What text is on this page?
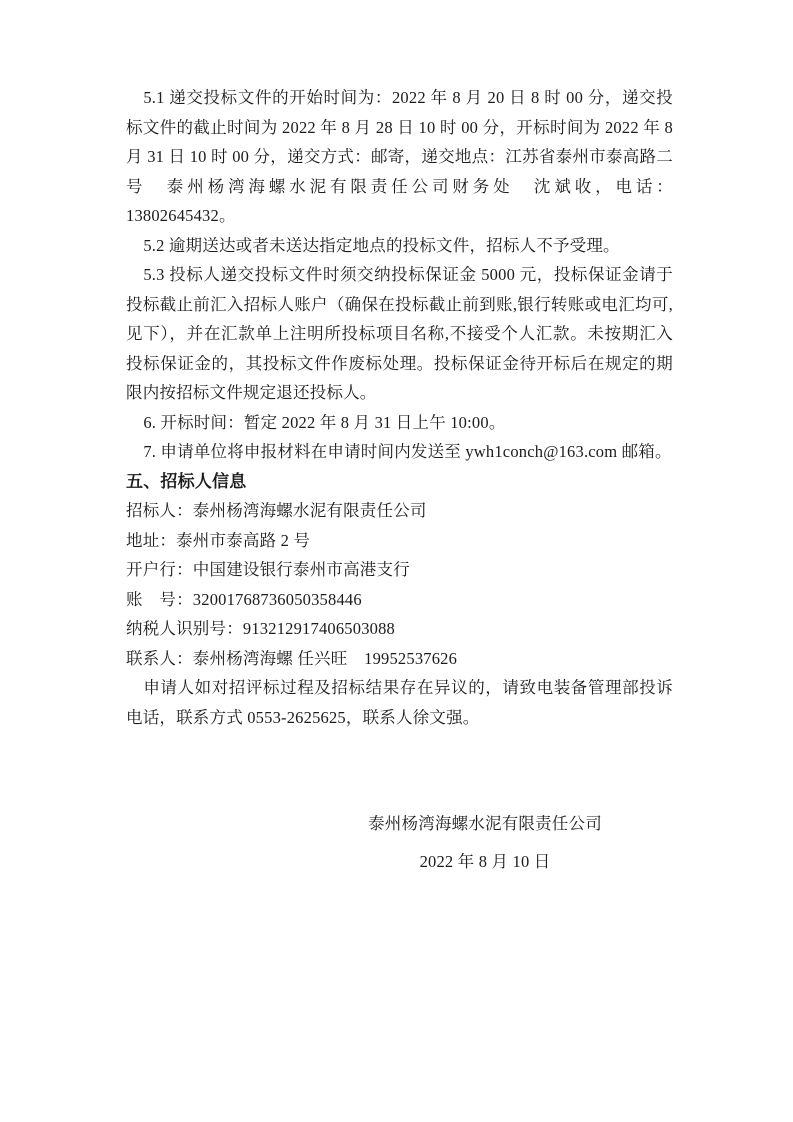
5.1 递交投标文件的开始时间为：2022 年 8 月 20 日 8 时 00 分，递交投标文件的截止时间为 2022 年 8 月 28 日 10 时 00 分，开标时间为 2022 年 8 月 31 日 10 时 00 分，递交方式：邮寄，递交地点：江苏省泰州市泰高路二号　泰州杨湾海螺水泥有限责任公司财务处　沈斌收，电话：13802645432。

5.2 逾期送达或者未送达指定地点的投标文件，招标人不予受理。

5.3 投标人递交投标文件时须交纳投标保证金 5000 元，投标保证金请于投标截止前汇入招标人账户（确保在投标截止前到账,银行转账或电汇均可,见下），并在汇款单上注明所投标项目名称,不接受个人汇款。未按期汇入投标保证金的，其投标文件作废标处理。投标保证金待开标后在规定的期限内按招标文件规定退还投标人。

6. 开标时间：暂定 2022 年 8 月 31 日上午 10:00。

7. 申请单位将申报材料在申请时间内发送至 ywh1conch@163.com 邮箱。

五、招标人信息

招标人：泰州杨湾海螺水泥有限责任公司

地址：泰州市泰高路 2 号

开户行：中国建设银行泰州市高港支行

账　号：32001768736050358446

纳税人识别号：913212917406503088

联系人：泰州杨湾海螺 任兴旺　19952537626

申请人如对招评标过程及招标结果存在异议的，请致电装备管理部投诉电话，联系方式 0553-2625625，联系人徐文强。

泰州杨湾海螺水泥有限责任公司

2022 年 8 月 10 日
